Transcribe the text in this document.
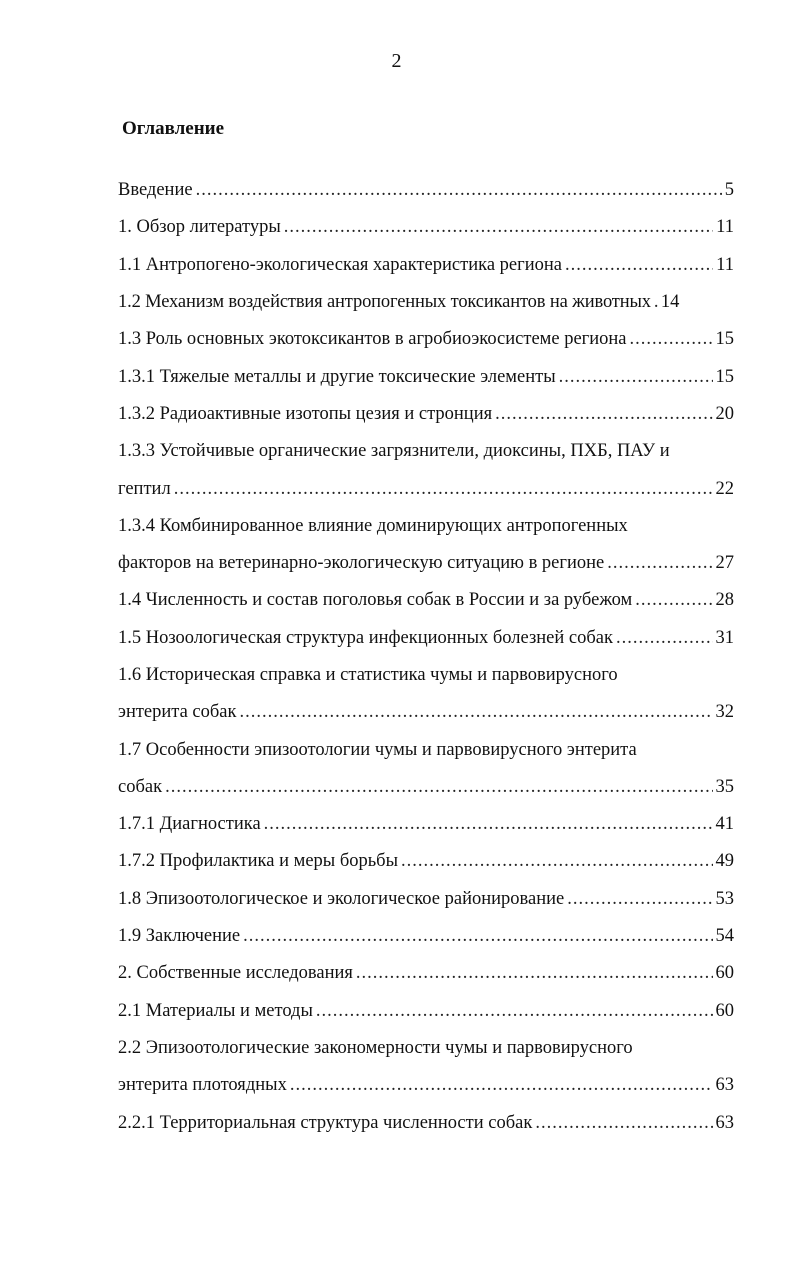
2
Оглавление
Введение .....	5
1. Обзор литературы .....	11
1.1 Антропогено-экологическая характеристика региона .....	11
1.2 Механизм воздействия антропогенных токсикантов на животных ..... 14
1.3 Роль основных экотоксикантов в агробиоэкосистеме региона .....	15
1.3.1 Тяжелые металлы и другие токсические элементы .....	15
1.3.2 Радиоактивные изотопы цезия и стронция .....	20
1.3.3 Устойчивые органические загрязнители, диоксины, ПХБ, ПАУ и
гептил .....	22
1.3.4 Комбинированное влияние доминирующих антропогенных
факторов на ветеринарно-экологическую ситуацию в регионе .....	27
1.4 Численность и состав поголовья собак в России и за рубежом .....	28
1.5 Нозоологическая структура инфекционных болезней собак .....	31
1.6 Историческая справка и статистика чумы и парвовирусного
энтерита собак .....	32
1.7 Особенности эпизоотологии чумы и парвовирусного энтерита
собак .....	35
1.7.1 Диагностика .....	41
1.7.2 Профилактика и меры борьбы .....	49
1.8 Эпизоотологическое и экологическое районирование .....	53
1.9 Заключение .....	54
2. Собственные исследования .....	60
2.1 Материалы и методы .....	60
2.2 Эпизоотологические закономерности чумы и парвовирусного
энтерита плотоядных .....	63
2.2.1 Территориальная структура численности собак .....	63
